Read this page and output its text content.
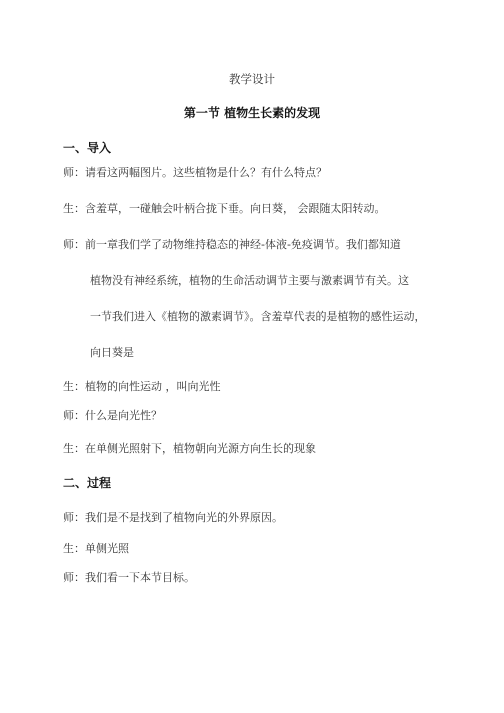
教学设计
第一节 植物生长素的发现
一、导入
师：请看这两幅图片。这些植物是什么？有什么特点？
生：含羞草，一碰触会叶柄合拢下垂。向日葵， 会跟随太阳转动。
师：前一章我们学了动物维持稳态的神经-体液-免疫调节。我们都知道
植物没有神经系统，植物的生命活动调节主要与激素调节有关。这
一节我们进入《植物的激素调节》。含羞草代表的是植物的感性运动，
向日葵是
生：植物的向性运动 ，叫向光性
师：什么是向光性？
生：在单侧光照射下，植物朝向光源方向生长的现象
二、过程
师：我们是不是找到了植物向光的外界原因。
生：单侧光照
师：我们看一下本节目标。
